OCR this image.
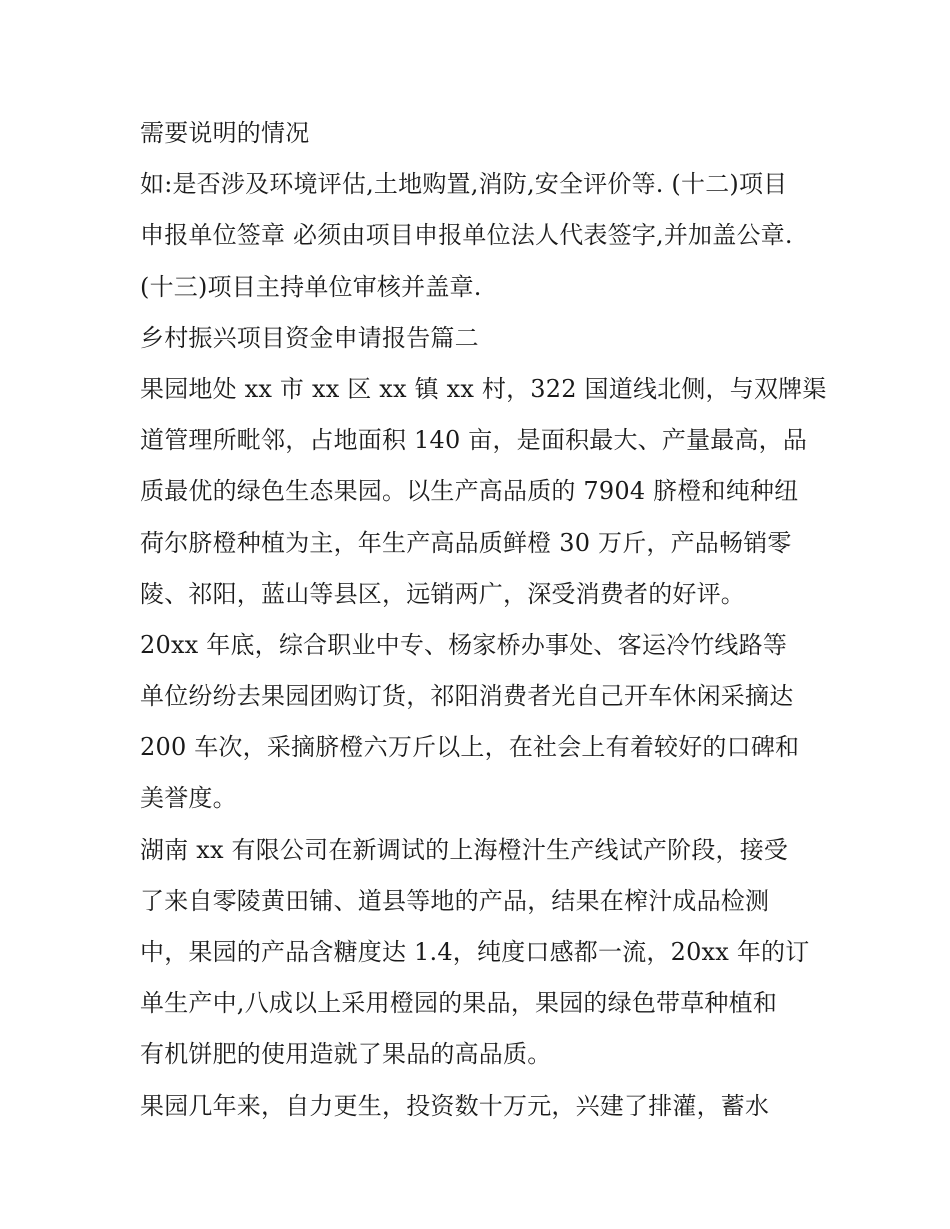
需要说明的情况
如:是否涉及环境评估,土地购置,消防,安全评价等. (十二)项目
申报单位签章 必须由项目申报单位法人代表签字,并加盖公章.
(十三)项目主持单位审核并盖章.
乡村振兴项目资金申请报告篇二
果园地处 xx 市 xx 区 xx 镇 xx 村，322 国道线北侧，与双牌渠
道管理所毗邻，占地面积 140 亩，是面积最大、产量最高，品
质最优的绿色生态果园。以生产高品质的 7904 脐橙和纯种纽
荷尔脐橙种植为主，年生产高品质鲜橙 30 万斤，产品畅销零
陵、祁阳，蓝山等县区，远销两广，深受消费者的好评。
20xx 年底，综合职业中专、杨家桥办事处、客运冷竹线路等
单位纷纷去果园团购订货，祁阳消费者光自己开车休闲采摘达
200 车次，采摘脐橙六万斤以上，在社会上有着较好的口碑和
美誉度。
湖南 xx 有限公司在新调试的上海橙汁生产线试产阶段，接受
了来自零陵黄田铺、道县等地的产品，结果在榨汁成品检测
中，果园的产品含糖度达 1.4，纯度口感都一流，20xx 年的订
单生产中,八成以上采用橙园的果品，果园的绿色带草种植和
有机饼肥的使用造就了果品的高品质。
果园几年来，自力更生，投资数十万元，兴建了排灌，蓄水
